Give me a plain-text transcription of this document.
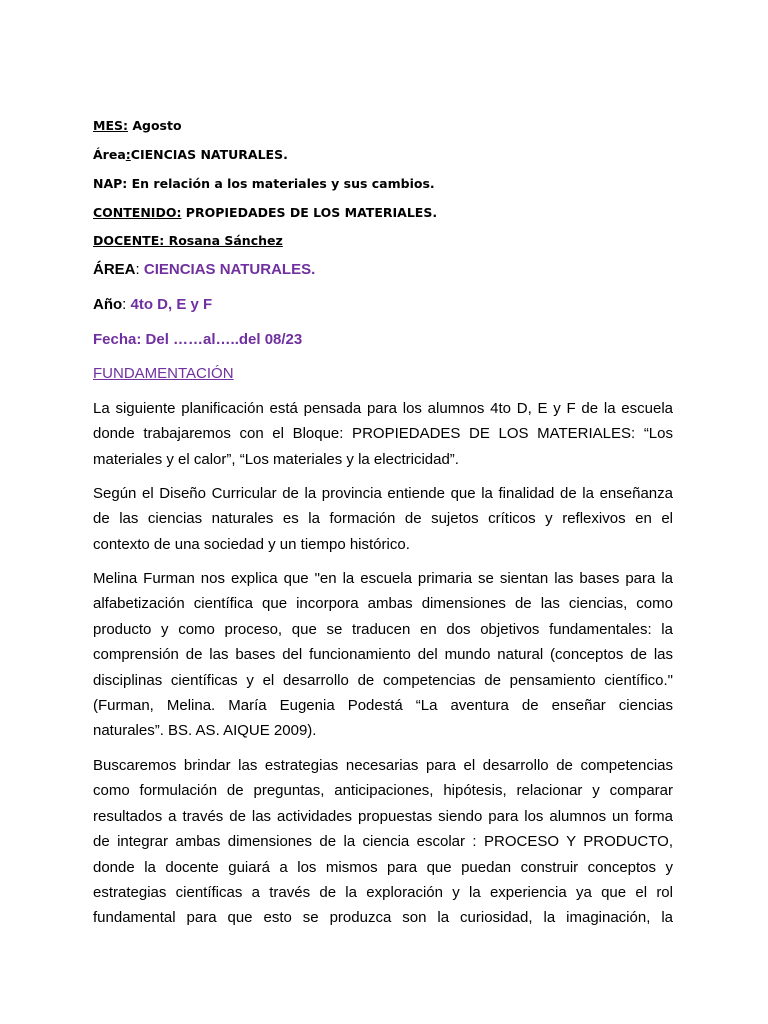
MES: Agosto
Área:CIENCIAS NATURALES.
NAP: En relación a los materiales y sus cambios.
CONTENIDO: PROPIEDADES DE LOS MATERIALES.
DOCENTE: Rosana Sánchez
ÁREA: CIENCIAS NATURALES.
Año: 4to D, E y F
Fecha: Del ……al…..del 08/23
FUNDAMENTACIÓN
La siguiente planificación está pensada para los alumnos 4to D, E y F de la escuela
donde trabajaremos con el Bloque: PROPIEDADES DE LOS MATERIALES: “Los
materiales y el calor”, “Los materiales y la electricidad”.
Según el Diseño Curricular de la provincia entiende que la finalidad de la enseñanza
de las ciencias naturales es la formación de sujetos críticos y reflexivos en el
contexto de una sociedad y un tiempo histórico.
Melina Furman nos explica que "en la escuela primaria se sientan las bases para la
alfabetización científica que incorpora ambas dimensiones de las ciencias, como
producto y como proceso, que se traducen en dos objetivos fundamentales: la
comprensión de las bases del funcionamiento del mundo natural (conceptos de las
disciplinas científicas y el desarrollo de competencias de pensamiento científico."
(Furman, Melina. María Eugenia Podestá “La aventura de enseñar ciencias
naturales”. BS. AS. AIQUE 2009).
Buscaremos brindar las estrategias necesarias para el desarrollo de competencias
como formulación de preguntas, anticipaciones, hipótesis, relacionar y comparar
resultados a través de las actividades propuestas siendo para los alumnos un forma
de integrar ambas dimensiones de la ciencia escolar : PROCESO Y PRODUCTO,
donde la docente guiará a los mismos para que puedan construir conceptos y
estrategias científicas a través de la exploración y la experiencia ya que el rol
fundamental para que esto se produzca son la curiosidad, la imaginación, la
